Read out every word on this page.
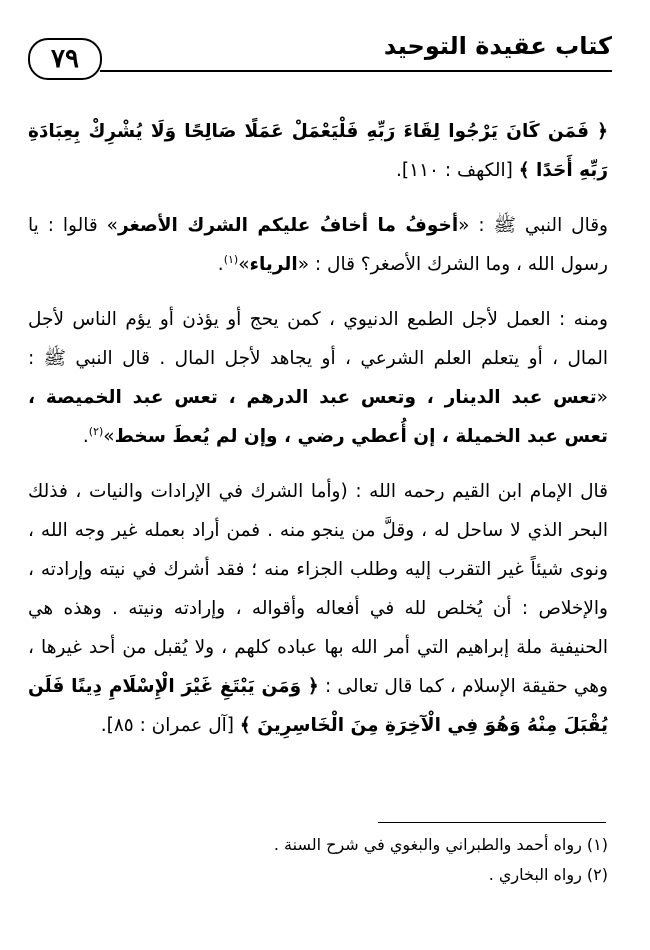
٧٩	كتاب عقيدة التوحيد

﴿ فَمَن كَانَ يَرْجُوا لِقَاءَ رَبِّهِ فَلْيَعْمَلْ عَمَلًا صَالِحًا وَلَا يُشْرِكْ بِعِبَادَةِ رَبِّهِ أَحَدًا ﴾ [الكهف : ١١٠].

وقال النبي ﷺ : «أخوفُ ما أخافُ عليكم الشرك الأصغر» قالوا : يا رسول الله ، وما الشرك الأصغر؟ قال : «الرياء»$^{(١)}$.

ومنه : العمل لأجل الطمع الدنيوي ، كمن يحج أو يؤذن أو يؤم الناس لأجل المال ، أو يتعلم العلم الشرعي ، أو يجاهد لأجل المال . قال النبي ﷺ : «تعس عبد الدينار ، وتعس عبد الدرهم ، تعس عبد الخميصة ، تعس عبد الخميلة ، إن أُعطي رضي ، وإن لم يُعطَ سخط»$^{(٢)}$.

قال الإمام ابن القيم رحمه الله : (وأما الشرك في الإرادات والنيات ، فذلك البحر الذي لا ساحل له ، وقلَّ من ينجو منه . فمن أراد بعمله غير وجه الله ، ونوى شيئاً غير التقرب إليه وطلب الجزاء منه ؛ فقد أشرك في نيته وإرادته ، والإخلاص : أن يُخلص لله في أفعاله وأقواله ، وإرادته ونيته . وهذه هي الحنيفية ملة إبراهيم التي أمر الله بها عباده كلهم ، ولا يُقبل من أحد غيرها ، وهي حقيقة الإسلام ، كما قال تعالى : ﴿ وَمَن يَبْتَغِ غَيْرَ الْإِسْلَامِ دِينًا فَلَن يُقْبَلَ مِنْهُ وَهُوَ فِي الْآخِرَةِ مِنَ الْخَاسِرِينَ ﴾ [آل عمران : ٨٥].

(١) رواه أحمد والطبراني والبغوي في شرح السنة .

(٢) رواه البخاري .
